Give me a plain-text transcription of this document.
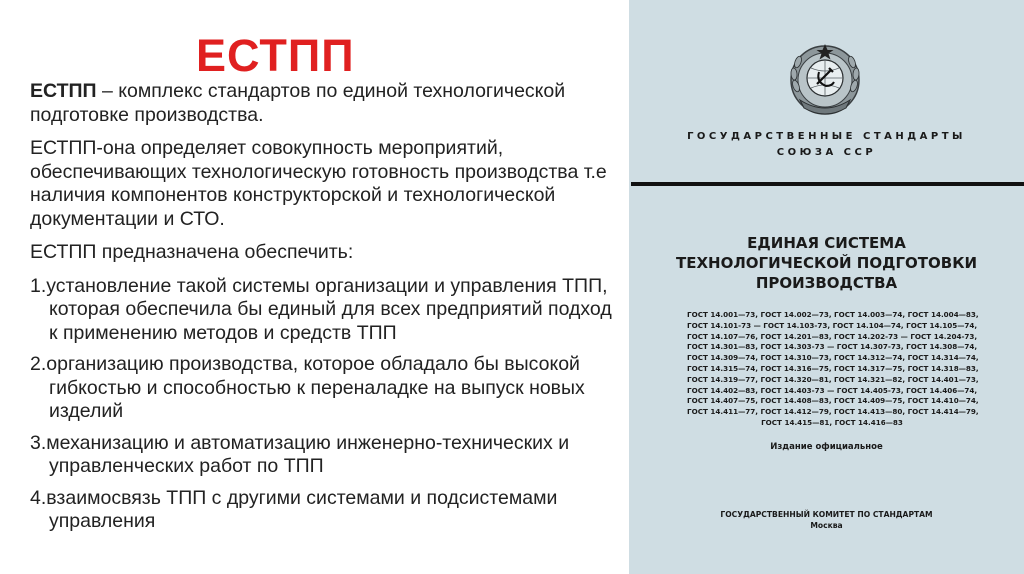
ЕСТПП

ЕСТПП – комплекс стандартов по единой технологической подготовке производства.

ЕСТПП-она определяет совокупность мероприятий, обеспечивающих технологическую готовность производства т.е наличия компонентов конструкторской и технологической документации и СТО.

ЕСТПП предназначена обеспечить:

1.установление такой системы организации и управления ТПП, которая обеспечила бы единый для всех предприятий подход к применению методов и средств ТПП

2.организацию производства, которое обладало бы высокой гибкостью и способностью к переналадке на выпуск новых изделий

3.механизацию и автоматизацию инженерно-технических и управленческих работ по ТПП

4.взаимосвязь ТПП с другими системами и подсистемами управления

ГОСУДАРСТВЕННЫЕ СТАНДАРТЫ
СОЮЗА ССР
ЕДИНАЯ СИСТЕМА
ТЕХНОЛОГИЧЕСКОЙ ПОДГОТОВКИ
ПРОИЗВОДСТВА
ГОСТ 14.001—73, ГОСТ 14.002—73, ГОСТ 14.003—74, ГОСТ 14.004—83,
ГОСТ 14.101-73 — ГОСТ 14.103-73, ГОСТ 14.104—74, ГОСТ 14.105—74,
ГОСТ 14.107—76, ГОСТ 14.201—83, ГОСТ 14.202-73 — ГОСТ 14.204-73,
ГОСТ 14.301—83, ГОСТ 14.303-73 — ГОСТ 14.307-73, ГОСТ 14.308—74,
ГОСТ 14.309—74, ГОСТ 14.310—73, ГОСТ 14.312—74, ГОСТ 14.314—74,
ГОСТ 14.315—74, ГОСТ 14.316—75, ГОСТ 14.317—75, ГОСТ 14.318—83,
ГОСТ 14.319—77, ГОСТ 14.320—81, ГОСТ 14.321—82, ГОСТ 14.401—73,
ГОСТ 14.402—83, ГОСТ 14.403-73 — ГОСТ 14.405-73, ГОСТ 14.406—74,
ГОСТ 14.407—75, ГОСТ 14.408—83, ГОСТ 14.409—75, ГОСТ 14.410—74,
ГОСТ 14.411—77, ГОСТ 14.412—79, ГОСТ 14.413—80, ГОСТ 14.414—79,
ГОСТ 14.415—81, ГОСТ 14.416—83
Издание официальное
ГОСУДАРСТВЕННЫЙ КОМИТЕТ ПО СТАНДАРТАМ
Москва
